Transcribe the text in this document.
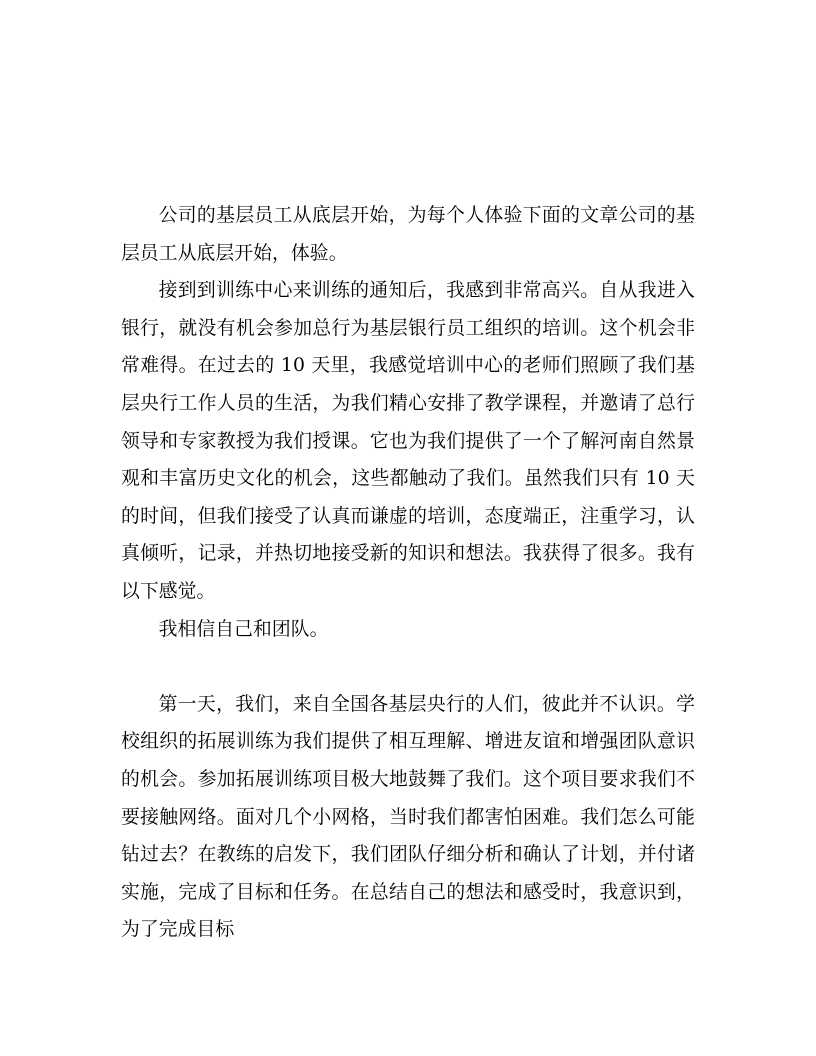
公司的基层员工从底层开始，为每个人体验下面的文章公司的基层员工从底层开始，体验。

接到到训练中心来训练的通知后，我感到非常高兴。自从我进入银行，就没有机会参加总行为基层银行员工组织的培训。这个机会非常难得。在过去的 10 天里，我感觉培训中心的老师们照顾了我们基层央行工作人员的生活，为我们精心安排了教学课程，并邀请了总行领导和专家教授为我们授课。它也为我们提供了一个了解河南自然景观和丰富历史文化的机会，这些都触动了我们。虽然我们只有 10 天的时间，但我们接受了认真而谦虚的培训，态度端正，注重学习，认真倾听，记录，并热切地接受新的知识和想法。我获得了很多。我有以下感觉。

我相信自己和团队。

第一天，我们，来自全国各基层央行的人们，彼此并不认识。学校组织的拓展训练为我们提供了相互理解、增进友谊和增强团队意识的机会。参加拓展训练项目极大地鼓舞了我们。这个项目要求我们不要接触网络。面对几个小网格，当时我们都害怕困难。我们怎么可能钻过去？在教练的启发下，我们团队仔细分析和确认了计划，并付诸实施，完成了目标和任务。在总结自己的想法和感受时，我意识到，为了完成目标
